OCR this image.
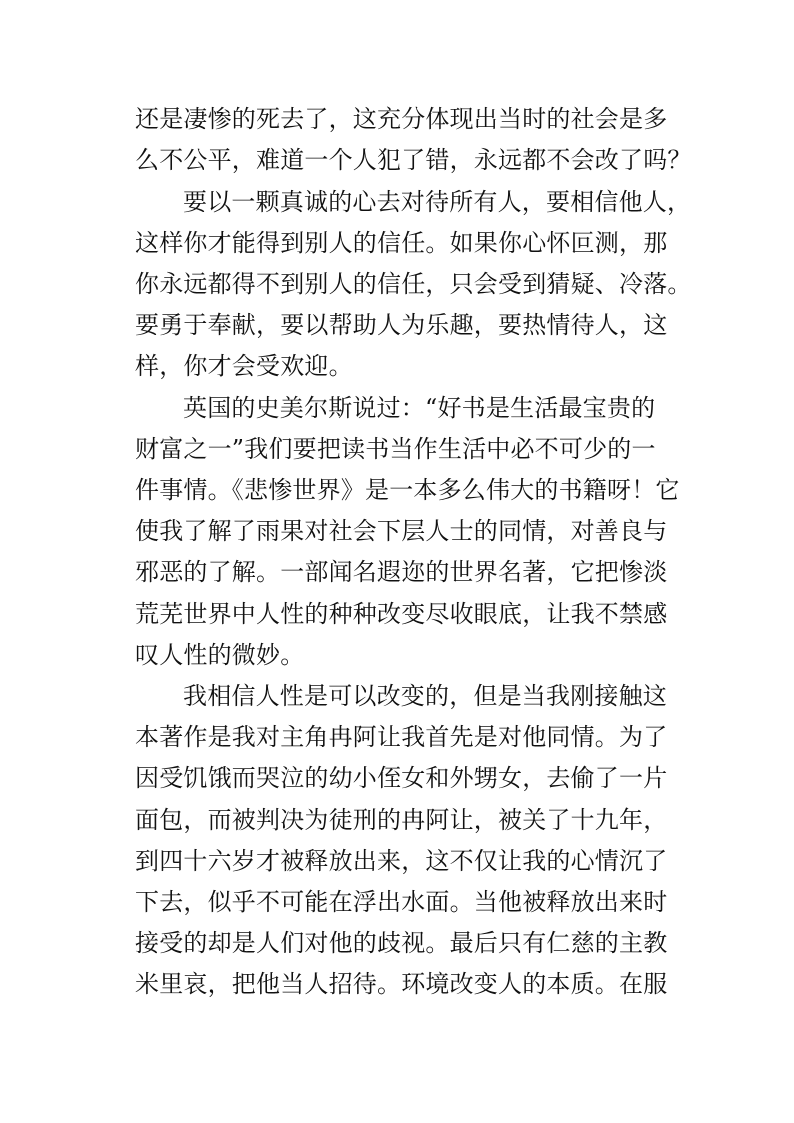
还是凄惨的死去了，这充分体现出当时的社会是多
么不公平，难道一个人犯了错，永远都不会改了吗？
要以一颗真诚的心去对待所有人，要相信他人，
这样你才能得到别人的信任。如果你心怀叵测，那
你永远都得不到别人的信任，只会受到猜疑、冷落。
要勇于奉献，要以帮助人为乐趣，要热情待人，这
样，你才会受欢迎。
英国的史美尔斯说过：“好书是生活最宝贵的
财富之一”我们要把读书当作生活中必不可少的一
件事情。《悲惨世界》是一本多么伟大的书籍呀！它
使我了解了雨果对社会下层人士的同情，对善良与
邪恶的了解。一部闻名遐迩的世界名著，它把惨淡
荒芜世界中人性的种种改变尽收眼底，让我不禁感
叹人性的微妙。
我相信人性是可以改变的，但是当我刚接触这
本著作是我对主角冉阿让我首先是对他同情。为了
因受饥饿而哭泣的幼小侄女和外甥女，去偷了一片
面包，而被判决为徒刑的冉阿让，被关了十九年，
到四十六岁才被释放出来，这不仅让我的心情沉了
下去，似乎不可能在浮出水面。当他被释放出来时
接受的却是人们对他的歧视。最后只有仁慈的主教
米里哀，把他当人招待。环境改变人的本质。在服
